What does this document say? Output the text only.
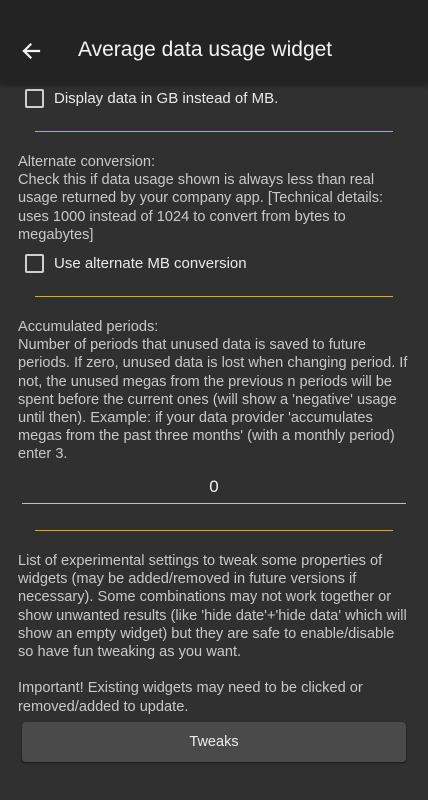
Average data usage widget
Display data in GB instead of MB.

Alternate conversion:
Check this if data usage shown is always less than real usage returned by your company app. [Technical details: uses 1000 instead of 1024 to convert from bytes to megabytes]

Use alternate MB conversion

Accumulated periods:
Number of periods that unused data is saved to future periods. If zero, unused data is lost when changing period. If not, the unused megas from the previous n periods will be spent before the current ones (will show a 'negative' usage until then). Example: if your data provider 'accumulates megas from the past three months' (with a monthly period) enter 3.

0

List of experimental settings to tweak some properties of widgets (may be added/removed in future versions if necessary). Some combinations may not work together or show unwanted results (like 'hide date'+'hide data' which will show an empty widget) but they are safe to enable/disable so have fun tweaking as you want.

Important! Existing widgets may need to be clicked or removed/added to update.

Tweaks
